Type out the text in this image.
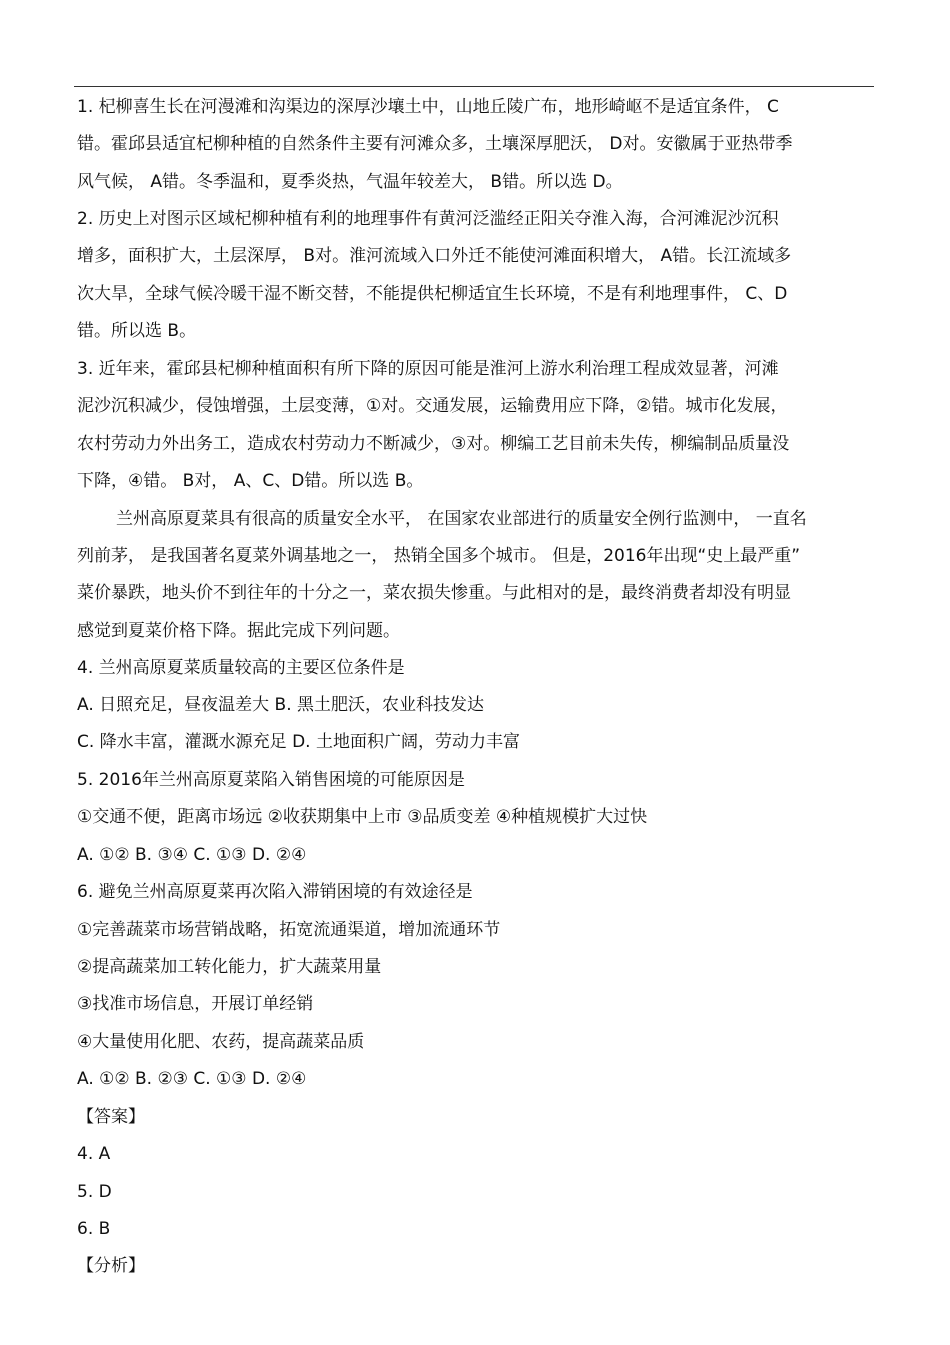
1. 杞柳喜生长在河漫滩和沟渠边的深厚沙壤土中，山地丘陵广布，地形崎岖不是适宜条件， C
错。霍邱县适宜杞柳种植的自然条件主要有河滩众多，土壤深厚肥沃， D对。安徽属于亚热带季
风气候， A错。冬季温和，夏季炎热，气温年较差大， B错。所以选 D。
2. 历史上对图示区域杞柳种植有利的地理事件有黄河泛滥经正阳关夺淮入海，合河滩泥沙沉积
增多，面积扩大，土层深厚， B对。淮河流域入口外迁不能使河滩面积增大， A错。长江流域多
次大旱，全球气候冷暖干湿不断交替，不能提供杞柳适宜生长环境，不是有利地理事件， C、D
错。所以选 B。
3. 近年来，霍邱县杞柳种植面积有所下降的原因可能是淮河上游水利治理工程成效显著，河滩
泥沙沉积减少，侵蚀增强，土层变薄，①对。交通发展，运输费用应下降，②错。城市化发展，
农村劳动力外出务工，造成农村劳动力不断减少，③对。柳编工艺目前未失传，柳编制品质量没
下降，④错。 B对， A、C、D错。所以选 B。
兰州高原夏菜具有很高的质量安全水平， 在国家农业部进行的质量安全例行监测中， 一直名
列前茅， 是我国著名夏菜外调基地之一， 热销全国多个城市。 但是，2016年出现“史上最严重”
菜价暴跌，地头价不到往年的十分之一，菜农损失惨重。与此相对的是，最终消费者却没有明显
感觉到夏菜价格下降。据此完成下列问题。
4. 兰州高原夏菜质量较高的主要区位条件是
A. 日照充足，昼夜温差大 B. 黑土肥沃，农业科技发达
C. 降水丰富，灌溉水源充足 D. 土地面积广阔，劳动力丰富
5. 2016年兰州高原夏菜陷入销售困境的可能原因是
①交通不便，距离市场远 ②收获期集中上市 ③品质变差 ④种植规模扩大过快
A. ①② B. ③④ C. ①③ D. ②④
6. 避免兰州高原夏菜再次陷入滞销困境的有效途径是
①完善蔬菜市场营销战略，拓宽流通渠道，增加流通环节
②提高蔬菜加工转化能力，扩大蔬菜用量
③找准市场信息，开展订单经销
④大量使用化肥、农药，提高蔬菜品质
A. ①② B. ②③ C. ①③ D. ②④
【答案】
4. A
5. D
6. B
【分析】
